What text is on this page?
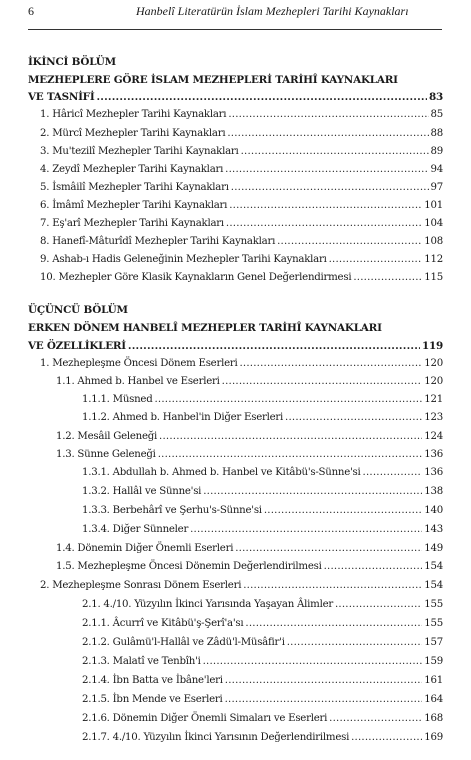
6	Hanbelî Literatürün İslam Mezhepleri Tarihi Kaynakları
İKİNCİ BÖLÜM
MEZHEPLERE GÖRE İSLAM MEZHEPLERİ TARİHÎ KAYNAKLARI
VE TASNİFİ .....	83
1. Hâricî Mezhepler Tarihi Kaynakları .....	85
2. Mürcî Mezhepler Tarihi Kaynakları .....	88
3. Mu'tezilî Mezhepler Tarihi Kaynakları .....	89
4. Zeydî Mezhepler Tarihi Kaynakları .....	94
5. İsmâilî Mezhepler Tarihi Kaynakları .....	97
6. İmâmî Mezhepler Tarihi Kaynakları .....	101
7. Eş'arî Mezhepler Tarihi Kaynakları .....	104
8. Hanefî-Mâturîdî Mezhepler Tarihi Kaynakları .....	108
9. Ashab-ı Hadis Geleneğinin Mezhepler Tarihi Kaynakları .....	112
10. Mezhepler Göre Klasik Kaynakların Genel Değerlendirmesi .....	115
ÜÇÜNCÜ BÖLÜM
ERKEN DÖNEM HANBELÎ MEZHEPLER TARİHÎ KAYNAKLARI
VE ÖZELLİKLERİ .....	119
1. Mezhepleşme Öncesi Dönem Eserleri .....	120
1.1. Ahmed b. Hanbel ve Eserleri .....	120
1.1.1. Müsned .....	121
1.1.2. Ahmed b. Hanbel'in Diğer Eserleri .....	123
1.2. Mesâil Geleneği .....	124
1.3. Sünne Geleneği .....	136
1.3.1. Abdullah b. Ahmed b. Hanbel ve Kitâbü's-Sünne'si .....	136
1.3.2. Hallâl ve Sünne'si .....	138
1.3.3. Berbehârî ve Şerhu's-Sünne'si .....	140
1.3.4. Diğer Sünneler .....	143
1.4. Dönemin Diğer Önemli Eserleri .....	149
1.5. Mezhepleşme Öncesi Dönemin Değerlendirilmesi .....	154
2. Mezhepleşme Sonrası Dönem Eserleri .....	154
2.1. 4./10. Yüzyılın İkinci Yarısında Yaşayan Âlimler .....	155
2.1.1. Âcurrî ve Kitâbü'ş-Şerî'a'sı .....	155
2.1.2. Gulâmü'l-Hallâl ve Zâdü'l-Müsâfir'i .....	157
2.1.3. Malatî ve Tenbîh'i .....	159
2.1.4. İbn Batta ve İbâne'leri .....	161
2.1.5. İbn Mende ve Eserleri .....	164
2.1.6. Dönemin Diğer Önemli Simaları ve Eserleri .....	168
2.1.7. 4./10. Yüzyılın İkinci Yarısının Değerlendirilmesi .....	169
